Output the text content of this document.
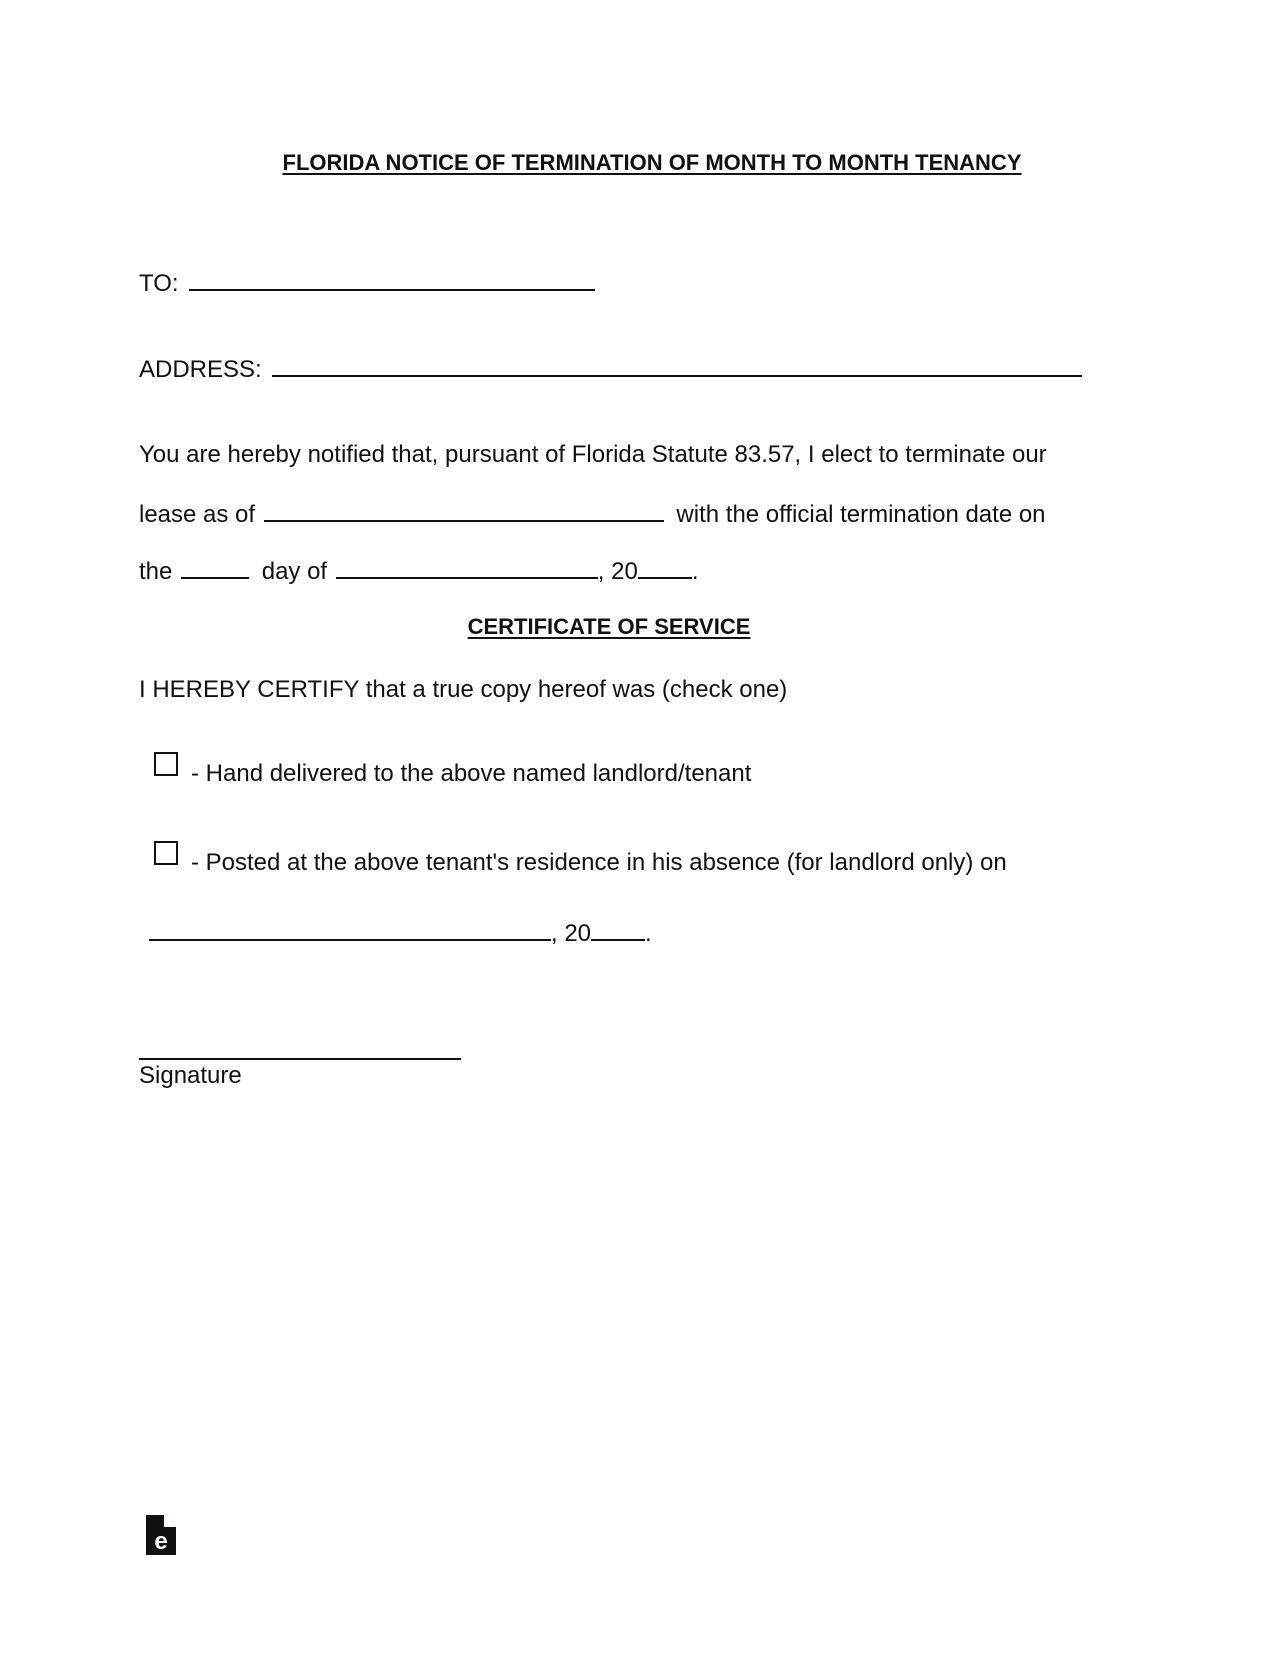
FLORIDA NOTICE OF TERMINATION OF MONTH TO MONTH TENANCY
TO:
ADDRESS:
You are hereby notified that, pursuant of Florida Statute 83.57, I elect to terminate our
lease as of	with the official termination date on
the	day of	, 20 .
CERTIFICATE OF SERVICE
I HEREBY CERTIFY that a true copy hereof was (check one)
- Hand delivered to the above named landlord/tenant
- Posted at the above tenant's residence in his absence (for landlord only) on
, 20 .
Signature
e
